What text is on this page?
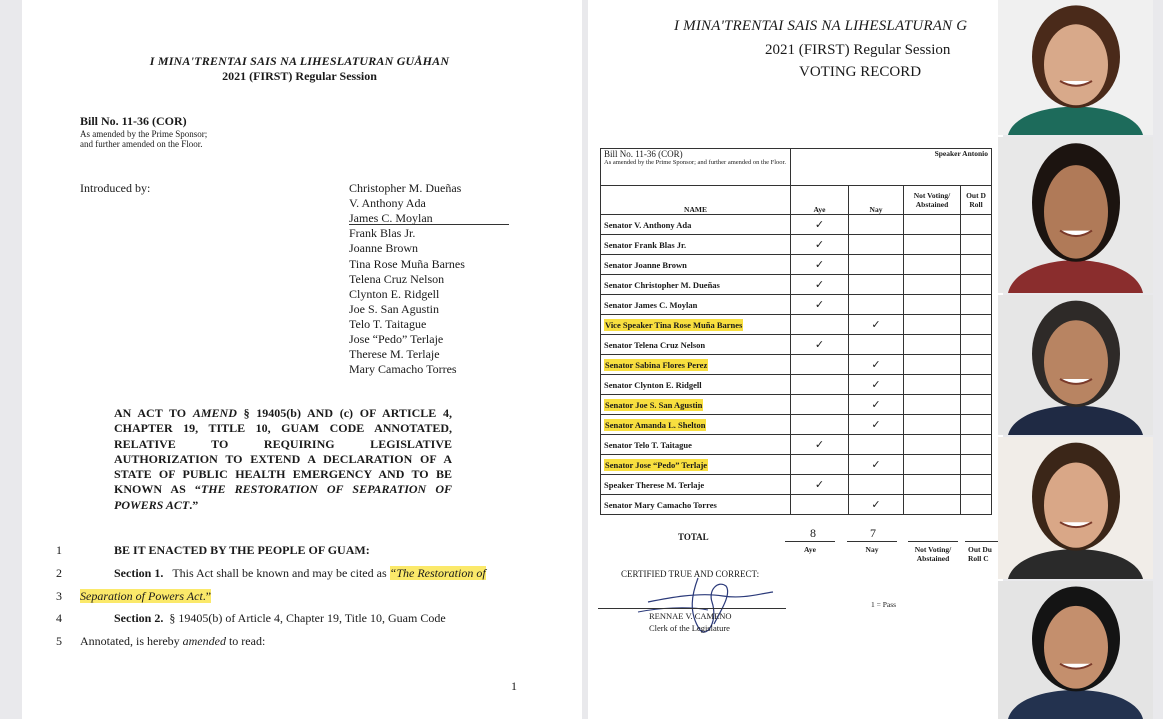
I MINA'TRENTAI SAIS NA LIHESLATURAN GUÅHAN
2021 (FIRST) Regular Session
Bill No. 11-36 (COR)
As amended by the Prime Sponsor;
and further amended on the Floor.
Introduced by:	Christopher M. Dueñas
V. Anthony Ada
James C. Moylan
Frank Blas Jr.
Joanne Brown
Tina Rose Muña Barnes
Telena Cruz Nelson
Clynton E. Ridgell
Joe S. San Agustin
Telo T. Taitague
Jose “Pedo” Terlaje
Therese M. Terlaje
Mary Camacho Torres
AN ACT TO AMEND § 19405(b) AND (c) OF ARTICLE 4, CHAPTER 19, TITLE 10, GUAM CODE ANNOTATED, RELATIVE TO REQUIRING LEGISLATIVE AUTHORIZATION TO EXTEND A DECLARATION OF A STATE OF PUBLIC HEALTH EMERGENCY AND TO BE KNOWN AS “THE RESTORATION OF SEPARATION OF POWERS ACT.”
1
2
3
4
5
BE IT ENACTED BY THE PEOPLE OF GUAM:
Section 1. This Act shall be known and may be cited as “The Restoration of
Separation of Powers Act.”
Section 2. § 19405(b) of Article 4, Chapter 19, Title 10, Guam Code
Annotated, is hereby amended to read:
1
I MINA'TRENTAI SAIS NA LIHESLATURAN G
2021 (FIRST) Regular Session
VOTING RECORD
Bill No. 11-36 (COR)
As amended by the Prime Sponsor; and further amended on the Floor.	Speaker Antonio			
NAME	Aye	Nay	Not Voting/ Abstained	Out D Roll
Senator V. Anthony Ada	✓			
Senator Frank Blas Jr.	✓			
Senator Joanne Brown	✓			
Senator Christopher M. Dueñas	✓			
Senator James C. Moylan	✓			
Vice Speaker Tina Rose Muña Barnes		✓		
Senator Telena Cruz Nelson	✓			
Senator Sabina Flores Perez		✓		
Senator Clynton E. Ridgell		✓		
Senator Joe S. San Agustin		✓		
Senator Amanda L. Shelton		✓		
Senator Telo T. Taitague	✓			
Senator Jose “Pedo” Terlaje		✓		
Speaker Therese M. Terlaje	✓			
Senator Mary Camacho Torres		✓		
TOTAL	8	7
Aye	Nay	Not Voting/ Abstained
Out Du Roll C
CERTIFIED TRUE AND CORRECT:
1 = Pass
RENNAE V. CAMENO
Clerk of the Legislature
